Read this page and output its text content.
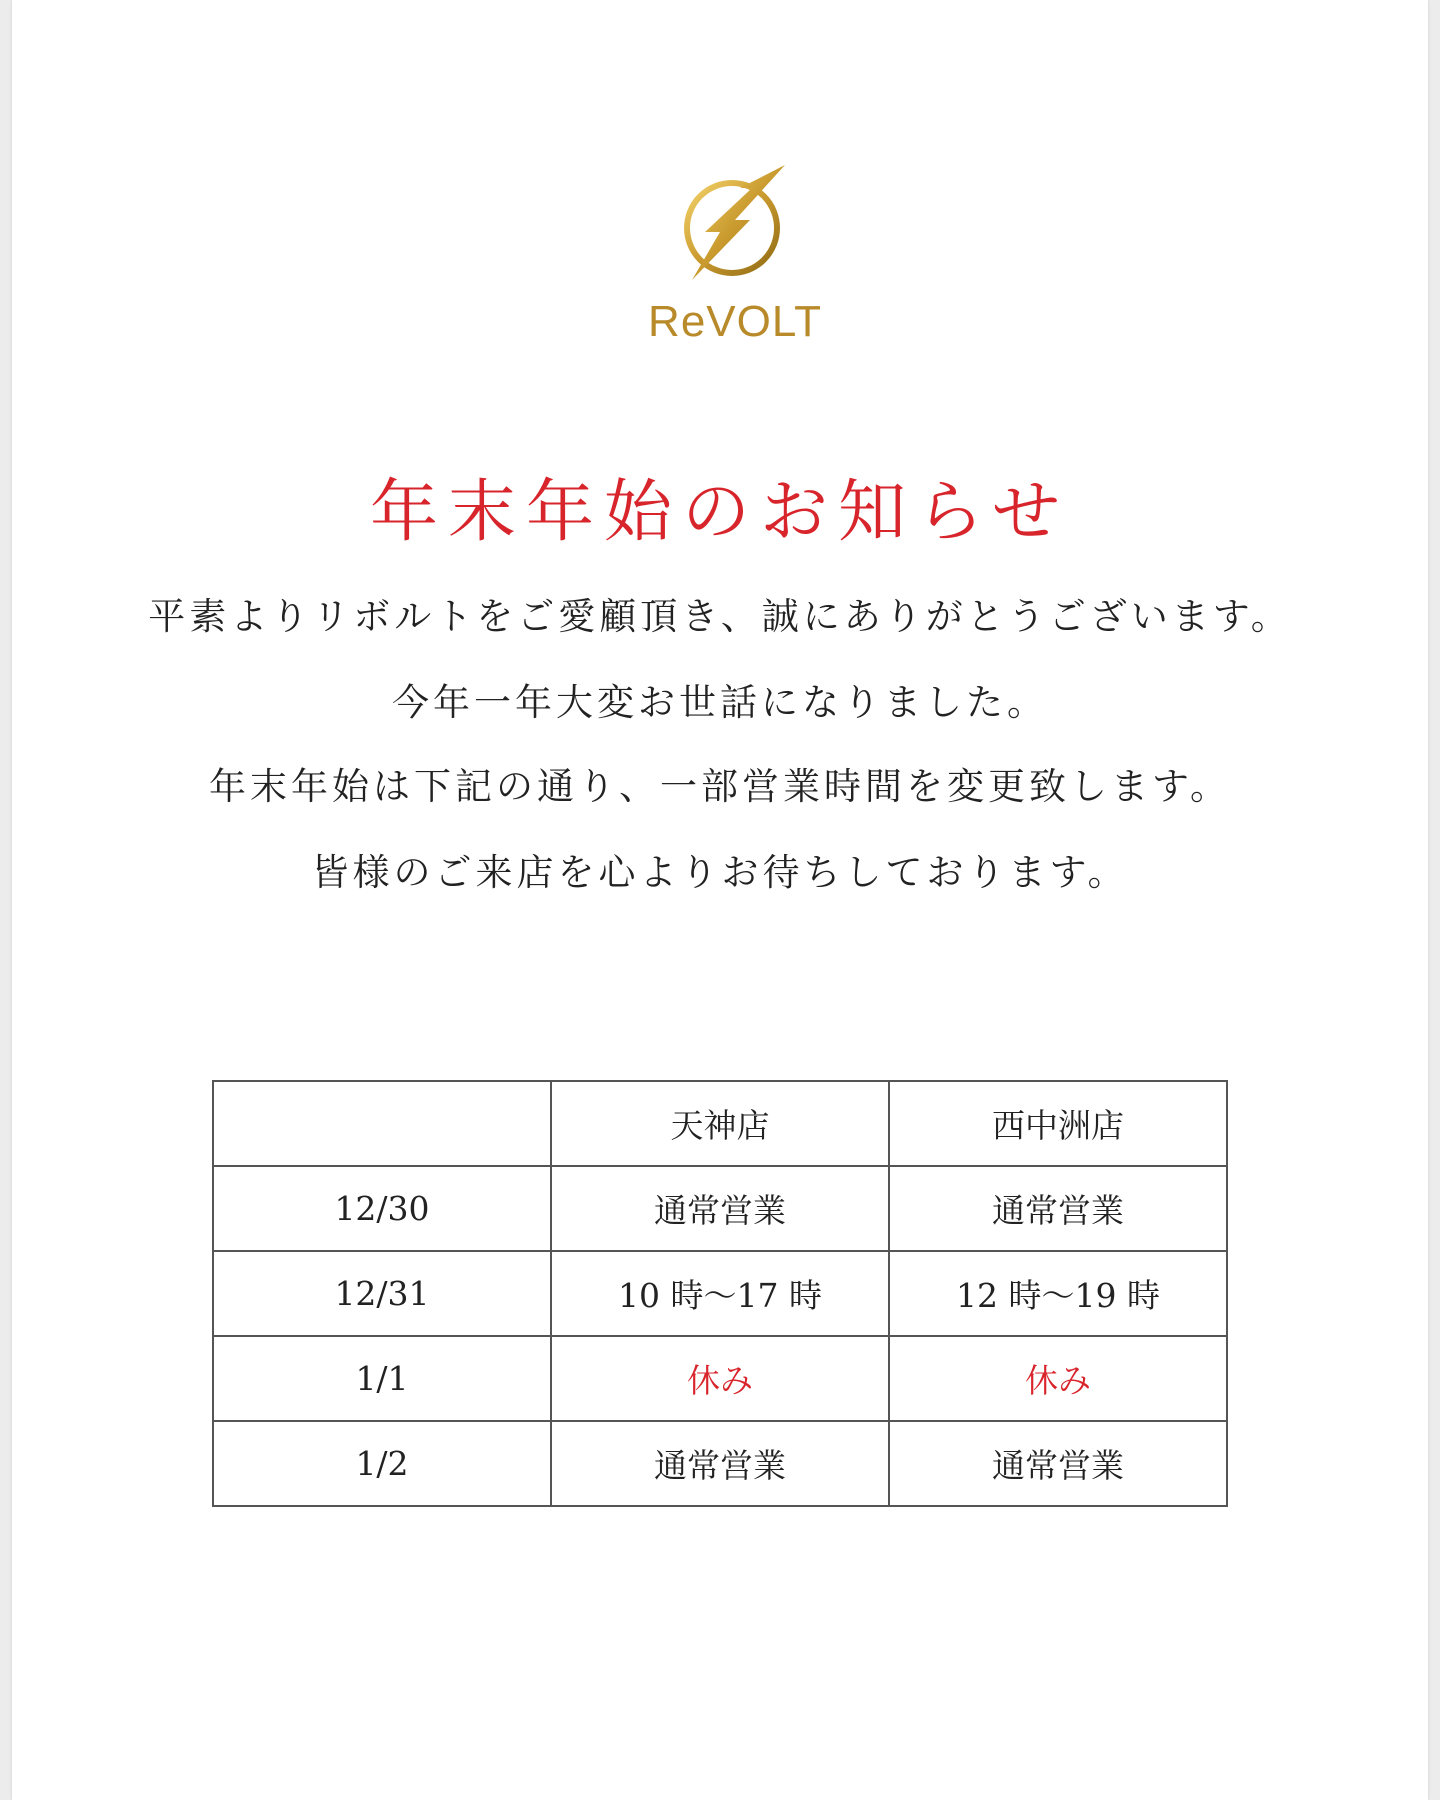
ReVOLT
年末年始のお知らせ

平素よりリボルトをご愛顧頂き、誠にありがとうございます。

今年一年大変お世話になりました。

年末年始は下記の通り、一部営業時間を変更致します。

皆様のご来店を心よりお待ちしております。

	天神店	西中洲店
12/30	通常営業	通常営業
12/31	10 時～17 時	12 時～19 時
1/1	休み	休み
1/2	通常営業	通常営業
